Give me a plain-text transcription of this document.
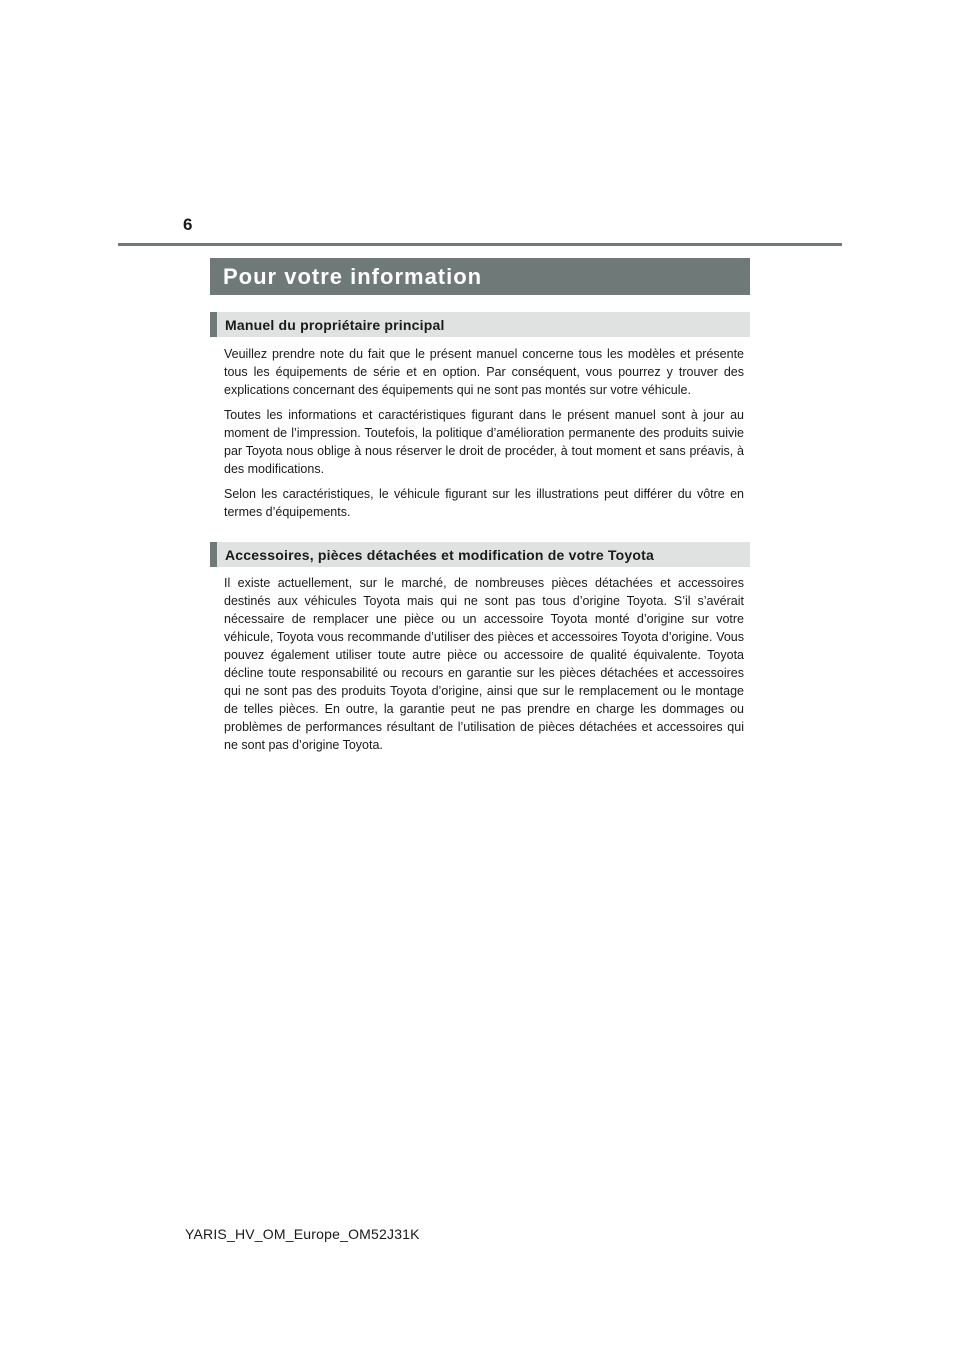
6
Pour votre information
Manuel du propriétaire principal

Veuillez prendre note du fait que le présent manuel concerne tous les modèles et présente tous les équipements de série et en option. Par conséquent, vous pourrez y trouver des explications concernant des équipements qui ne sont pas montés sur votre véhicule.

Toutes les informations et caractéristiques figurant dans le présent manuel sont à jour au moment de l’impression. Toutefois, la politique d’amélioration permanente des produits suivie par Toyota nous oblige à nous réserver le droit de procéder, à tout moment et sans préavis, à des modifications.

Selon les caractéristiques, le véhicule figurant sur les illustrations peut différer du vôtre en termes d’équipements.

Accessoires, pièces détachées et modification de votre Toyota

Il existe actuellement, sur le marché, de nombreuses pièces détachées et accessoires destinés aux véhicules Toyota mais qui ne sont pas tous d’origine Toyota. S’il s’avérait nécessaire de remplacer une pièce ou un accessoire Toyota monté d’origine sur votre véhicule, Toyota vous recommande d’utiliser des pièces et accessoires Toyota d’origine. Vous pouvez également utiliser toute autre pièce ou accessoire de qualité équivalente. Toyota décline toute responsabilité ou recours en garantie sur les pièces détachées et accessoires qui ne sont pas des produits Toyota d’origine, ainsi que sur le remplacement ou le montage de telles pièces. En outre, la garantie peut ne pas prendre en charge les dommages ou problèmes de performances résultant de l’utilisation de pièces détachées et accessoires qui ne sont pas d’origine Toyota.

YARIS_HV_OM_Europe_OM52J31K
